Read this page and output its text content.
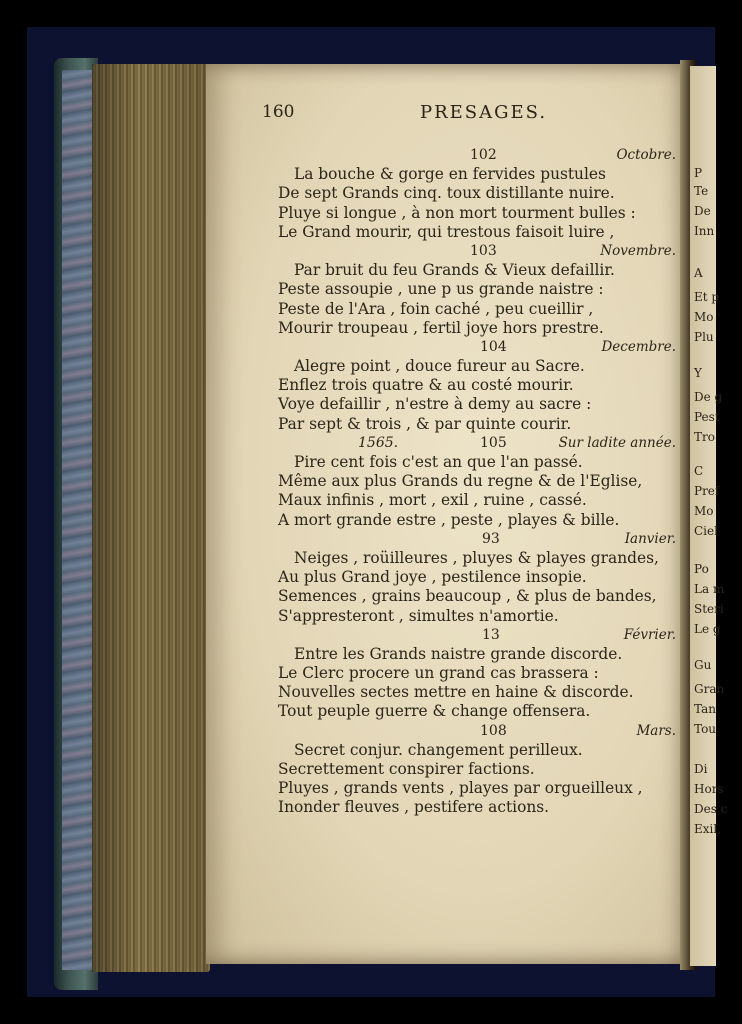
P
Te
De
Inn
A
Et p
Mo
Plu
Y
De g
Pest
Tro
C
Pref
Mo
Ciel
Po
La m
Steri
Le g
Gu
Gran
Tan
Tou
Di
Hors
Des c
Exil,
160	PRESAGES.
102	Octobre.
La bouche & gorge en fervides pustules
De sept Grands cinq. toux distillante nuire.
Pluye si longue , à non mort tourment bulles :
Le Grand mourir, qui trestous faisoit luire ,
103	Novembre.
Par bruit du feu Grands & Vieux defaillir.
Peste assoupie , une p us grande naistre :
Peste de l'Ara , foin caché , peu cueillir ,
Mourir troupeau , fertil joye hors prestre.
104	Decembre.
Alegre point , douce fureur au Sacre.
Enflez trois quatre & au costé mourir.
Voye defaillir , n'estre à demy au sacre :
Par sept & trois , & par quinte courir.
1565.	105	Sur ladite année.
Pire cent fois c'est an que l'an passé.
Même aux plus Grands du regne & de l'Eglise,
Maux infinis , mort , exil , ruine , cassé.
A mort grande estre , peste , playes & bille.
93	Ianvier.
Neiges , roüilleures , pluyes & playes grandes,
Au plus Grand joye , pestilence insopie.
Semences , grains beaucoup , & plus de bandes,
S'appresteront , simultes n'amortie.
13	Février.
Entre les Grands naistre grande discorde.
Le Clerc procere un grand cas brassera :
Nouvelles sectes mettre en haine & discorde.
Tout peuple guerre & change offensera.
108	Mars.
Secret conjur. changement perilleux.
Secrettement conspirer factions.
Pluyes , grands vents , playes par orgueilleux ,
Inonder fleuves , pestifere actions.
